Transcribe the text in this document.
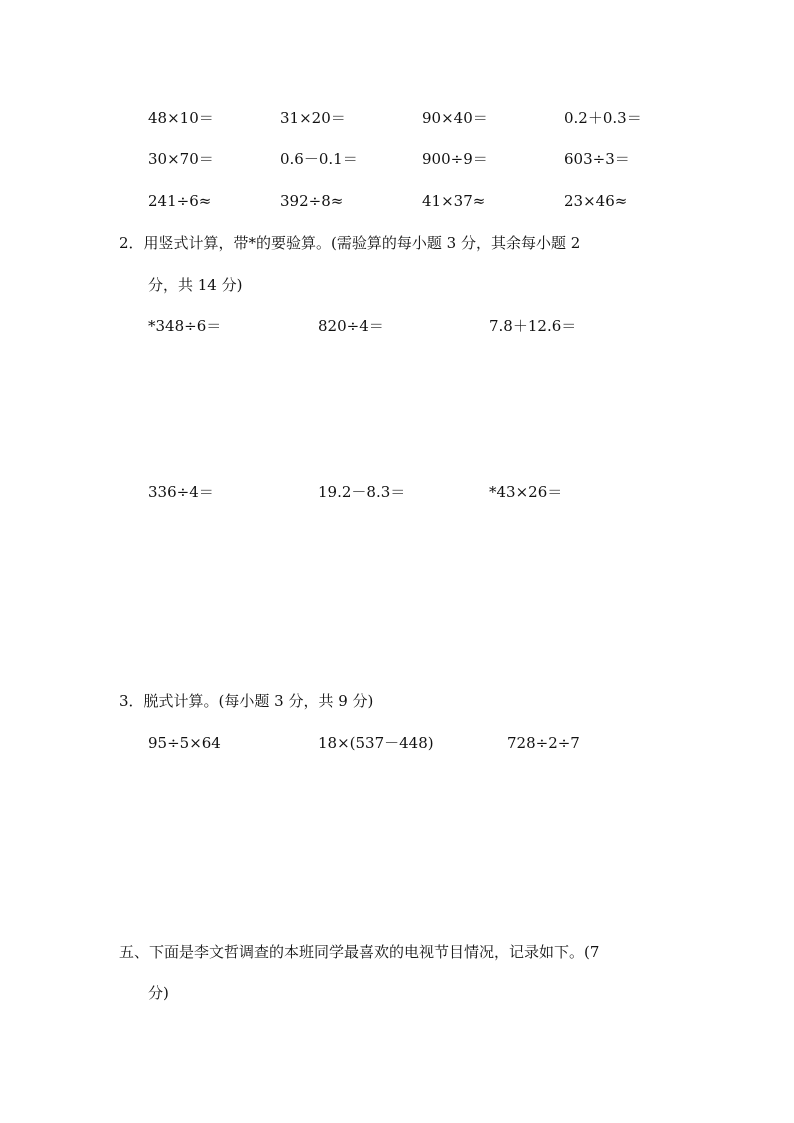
48×10＝	31×20＝	90×40＝	0.2＋0.3＝
30×70＝	0.6－0.1＝	900÷9＝	603÷3＝
241÷6≈	392÷8≈	41×37≈	23×46≈
2．用竖式计算，带*的要验算。(需验算的每小题 3 分，其余每小题 2
分，共 14 分)
*348÷6＝	820÷4＝	7.8＋12.6＝
336÷4＝	19.2－8.3＝	*43×26＝
3．脱式计算。(每小题 3 分，共 9 分)
95÷5×64	18×(537－448)	728÷2÷7
五、下面是李文哲调查的本班同学最喜欢的电视节目情况，记录如下。(7
分)
